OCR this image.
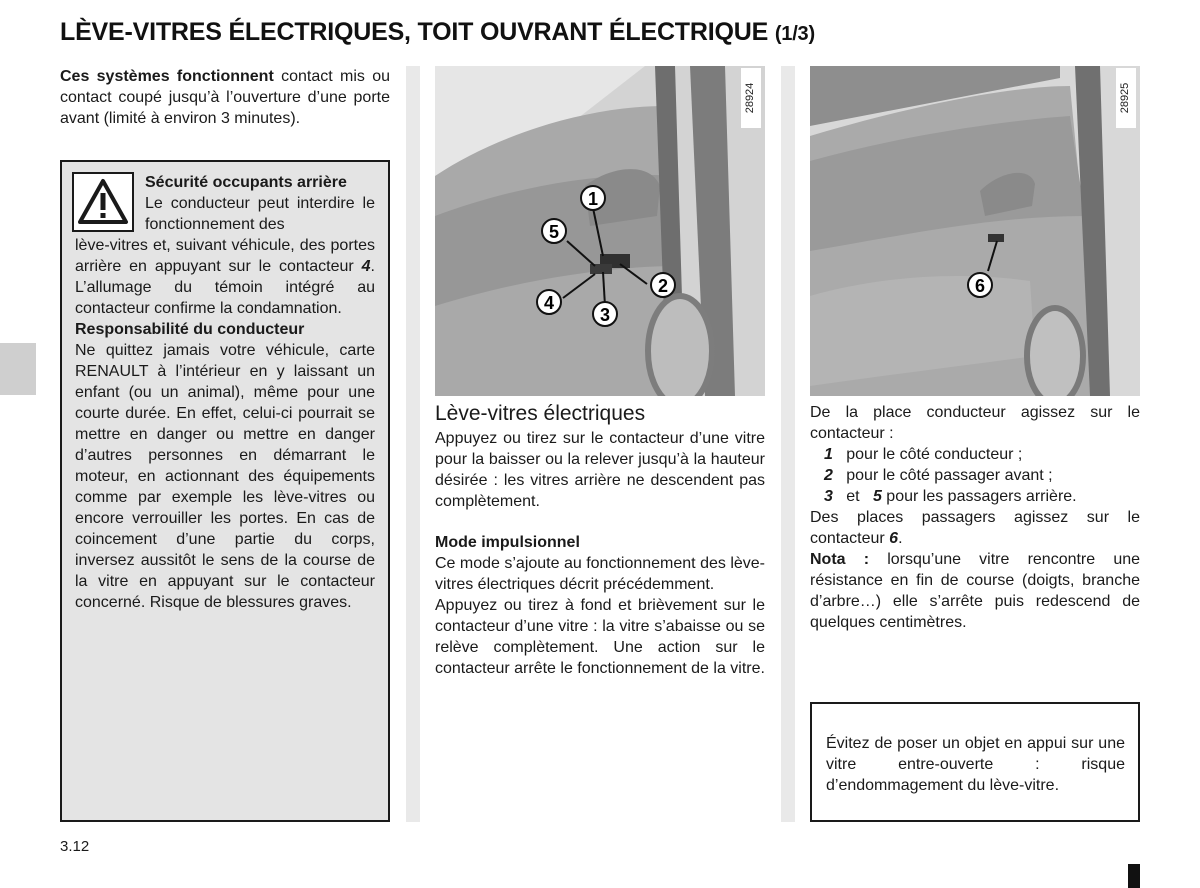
LÈVE-VITRES ÉLECTRIQUES, TOIT OUVRANT ÉLECTRIQUE (1/3)

Ces systèmes fonctionnent contact mis ou contact coupé jusqu’à l’ouverture d’une porte avant (limité à environ 3 minutes).

Sécurité occupants arrière

Le conducteur peut interdire le fonctionnement des

lève-vitres et, suivant véhicule, des portes arrière en appuyant sur le contacteur 4. L’allumage du témoin intégré au contacteur confirme la condamnation.

Responsabilité du conducteur

Ne quittez jamais votre véhicule, carte RENAULT à l’intérieur en y laissant un enfant (ou un animal), même pour une courte durée. En effet, celui-ci pourrait se mettre en danger ou mettre en danger d’autres personnes en démarrant le moteur, en actionnant des équipements comme par exemple les lève-vitres ou encore verrouiller les portes. En cas de coincement d’une partie du corps, inversez aussitôt le sens de la course de la vitre en appuyant sur le contacteur concerné. Risque de blessures graves.

28924
1
5
2
4
3
28925
6
Lève-vitres électriques

Appuyez ou tirez sur le contacteur d’une vitre pour la baisser ou la relever jusqu’à la hauteur désirée : les vitres arrière ne descendent pas complètement.

Mode impulsionnel

Ce mode s’ajoute au fonctionnement des lève-vitres électriques décrit précédemment.

Appuyez ou tirez à fond et brièvement sur le contacteur d’une vitre : la vitre s’abaisse ou se relève complètement. Une action sur le contacteur arrête le fonctionnement de la vitre.

De la place conducteur agissez sur le contacteur :

1 pour le côté conducteur ;

2 pour le côté passager avant ;

3 et 5 pour les passagers arrière.

Des places passagers agissez sur le contacteur 6.

Nota : lorsqu’une vitre rencontre une résistance en fin de course (doigts, branche d’arbre…) elle s’arrête puis redescend de quelques centimètres.

Évitez de poser un objet en appui sur une vitre entre-ouverte : risque d’endommagement du lève-vitre.

3.12
